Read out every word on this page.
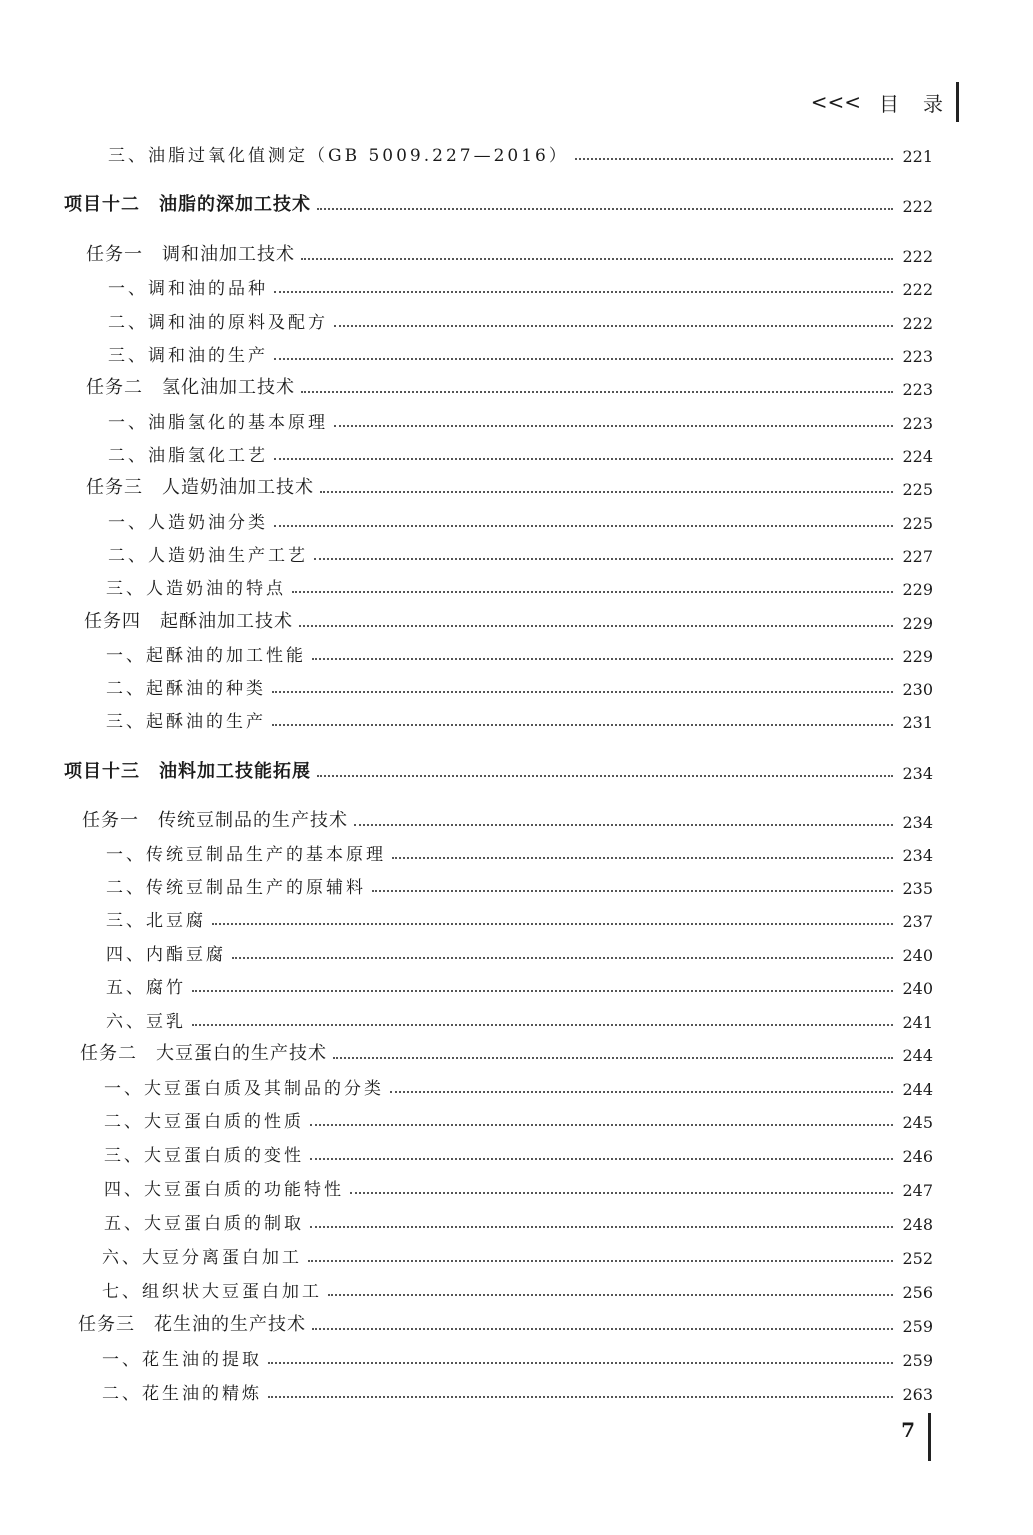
<<< 目　录
三、油脂过氧化值测定（GB 5009.227—2016）	221
项目十二　油脂的深加工技术	222
任务一　调和油加工技术	222
一、调和油的品种	222
二、调和油的原料及配方	222
三、调和油的生产	223
任务二　氢化油加工技术	223
一、油脂氢化的基本原理	223
二、油脂氢化工艺	224
任务三　人造奶油加工技术	225
一、人造奶油分类	225
二、人造奶油生产工艺	227
三、人造奶油的特点	229
任务四　起酥油加工技术	229
一、起酥油的加工性能	229
二、起酥油的种类	230
三、起酥油的生产	231
项目十三　油料加工技能拓展	234
任务一　传统豆制品的生产技术	234
一、传统豆制品生产的基本原理	234
二、传统豆制品生产的原辅料	235
三、北豆腐	237
四、内酯豆腐	240
五、腐竹	240
六、豆乳	241
任务二　大豆蛋白的生产技术	244
一、大豆蛋白质及其制品的分类	244
二、大豆蛋白质的性质	245
三、大豆蛋白质的变性	246
四、大豆蛋白质的功能特性	247
五、大豆蛋白质的制取	248
六、大豆分离蛋白加工	252
七、组织状大豆蛋白加工	256
任务三　花生油的生产技术	259
一、花生油的提取	259
二、花生油的精炼	263
7
